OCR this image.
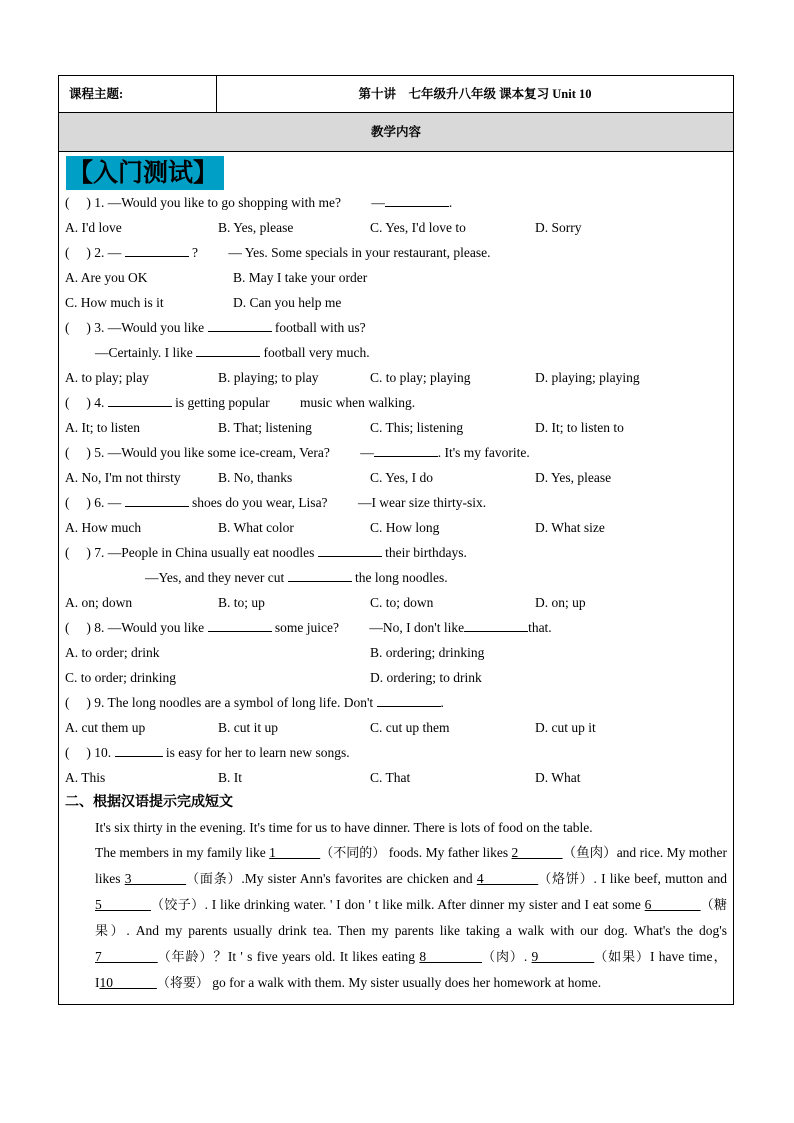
课程主题:	第十讲　七年级升八年级 课本复习 Unit 10
教学内容
【入门测试】
(　 ) 1. —Would you like to go shopping with me?         —	.
A. I'd love	B. Yes, please	C. Yes, I'd love to	D. Sorry
(　 ) 2. —	?         — Yes. Some specials in your restaurant, please.
A. Are you OK	B. May I take your order
C. How much is it	D. Can you help me
(　 ) 3. —Would you like	football with us?
—Certainly. I like	football very much.
A. to play; play	B. playing; to play	C. to play; playing	D. playing; playing
(　 ) 4.	is getting popular         music when walking.
A. It; to listen	B. That; listening	C. This; listening	D. It; to listen to
(　 ) 5. —Would you like some ice-cream, Vera?         —	. It's my favorite.
A. No, I'm not thirsty	B. No, thanks	C. Yes, I do	D. Yes, please
(　 ) 6. —	shoes do you wear, Lisa?         —I wear size thirty-six.
A. How much	B. What color	C. How long	D. What size
(　 ) 7. —People in China usually eat noodles	their birthdays.
—Yes, and they never cut	the long noodles.
A. on; down	B. to; up	C. to; down	D. on; up
(　 ) 8. —Would you like	some juice?         —No, I don't like	that.
A. to order; drink	B. ordering; drinking
C. to order; drinking	D. ordering; to drink
(　 ) 9. The long noodles are a symbol of long life. Don't	.
A. cut them up	B. cut it up	C. cut up them	D. cut up it
(　 ) 10.	is easy for her to learn new songs.
A. This	B. It	C. That	D. What
二、根据汉语提示完成短文
It's six thirty in the evening. It's time for us to have dinner. There is lots of food on the table.
The members in my family like 1             （不同的） foods. My father likes 2             （鱼肉）and rice. My mother likes 3             （面条）.My sister Ann's favorites are chicken and 4             （烙饼）. I like beef, mutton and 5             （饺子）. I like drinking water. ' I don ' t like milk. After dinner my sister and I eat some 6             （糖果）. And my parents usually drink tea. Then my parents like taking a walk with our dog. What's the dog's 7             （年龄）？It ' s five years old. It likes eating 8             （肉）. 9             （如果）I have time，I10             （将要） go for a walk with them. My sister usually does her homework at home.
